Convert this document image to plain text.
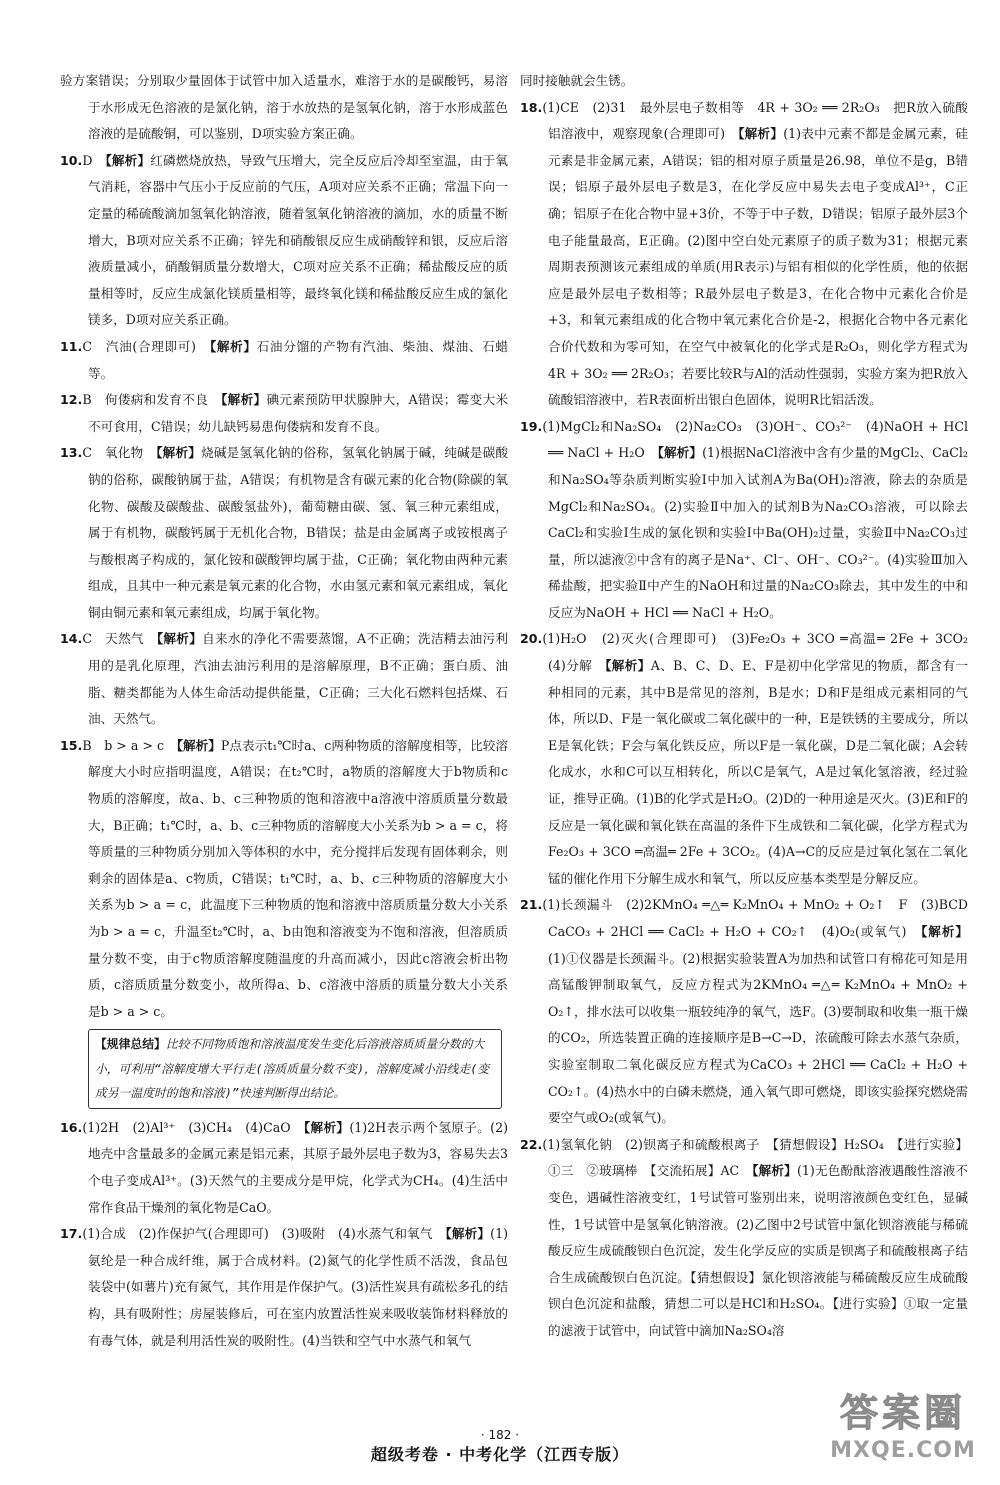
验方案错误；分别取少量固体于试管中加入适量水，难溶于水的是碳酸钙，易溶于水形成无色溶液的是氯化钠，溶于水放热的是氢氧化钠，溶于水形成蓝色溶液的是硫酸铜，可以鉴别，D项实验方案正确。

10.D　 【解析】红磷燃烧放热，导致气压增大，完全反应后冷却至室温，由于氧气消耗，容器中气压小于反应前的气压，A项对应关系不正确；常温下向一定量的稀硫酸滴加氢氧化钠溶液，随着氢氧化钠溶液的滴加，水的质量不断增大，B项对应关系不正确；锌先和硝酸银反应生成硝酸锌和银，反应后溶液质量减小，硝酸铜质量分数增大，C项对应关系不正确；稀盐酸反应的质量相等时，反应生成氯化镁质量相等，最终氧化镁和稀盐酸反应生成的氯化镁多，D项对应关系正确。
11.C　汽油(合理即可)　 【解析】石油分馏的产物有汽油、柴油、煤油、石蜡等。
12.B　佝偻病和发育不良　 【解析】碘元素预防甲状腺肿大，A错误；霉变大米不可食用，C错误；幼儿缺钙易患佝偻病和发育不良。
13.C　氧化物　 【解析】烧碱是氢氧化钠的俗称，氢氧化钠属于碱，纯碱是碳酸钠的俗称，碳酸钠属于盐，A错误；有机物是含有碳元素的化合物(除碳的氧化物、碳酸及碳酸盐、碳酸氢盐外)，葡萄糖由碳、氢、氧三种元素组成，属于有机物，碳酸钙属于无机化合物，B错误；盐是由金属离子或铵根离子与酸根离子构成的，氯化铵和碳酸钾均属于盐，C正确；氧化物由两种元素组成，且其中一种元素是氧元素的化合物，水由氢元素和氧元素组成，氧化铜由铜元素和氧元素组成，均属于氧化物。
14.C　天然气　 【解析】自来水的净化不需要蒸馏，A不正确；洗洁精去油污利用的是乳化原理，汽油去油污利用的是溶解原理，B不正确；蛋白质、油脂、糖类都能为人体生命活动提供能量，C正确；三大化石燃料包括煤、石油、天然气。
15.B　b > a > c　 【解析】P点表示t₁℃时a、c两种物质的溶解度相等，比较溶解度大小时应指明温度，A错误；在t₂℃时，a物质的溶解度大于b物质和c物质的溶解度，故a、b、c三种物质的饱和溶液中a溶液中溶质质量分数最大，B正确；t₁℃时，a、b、c三种物质的溶解度大小关系为b > a = c，将等质量的三种物质分别加入等体积的水中，充分搅拌后发现有固体剩余，则剩余的固体是a、c物质，C错误；t₁℃时，a、b、c三种物质的溶解度大小关系为b > a = c，此温度下三种物质的饱和溶液中溶质质量分数大小关系为b > a = c，升温至t₂℃时，a、b由饱和溶液变为不饱和溶液，但溶质质量分数不变，由于c物质溶解度随温度的升高而减小，因此c溶液会析出物质，c溶质质量分数变小，故所得a、b、c溶液中溶质的质量分数大小关系是b > a > c。
【规律总结】比较不同物质饱和溶液温度发生变化后溶液溶质质量分数的大小，可利用“溶解度增大平行走(溶质质量分数不变)，溶解度减小沿线走(变成另一温度时的饱和溶液)”快速判断得出结论。
16.(1)2H　(2)Al³⁺　(3)CH₄　(4)CaO　 【解析】(1)2H表示两个氢原子。(2)地壳中含量最多的金属元素是铝元素，其原子最外层电子数为3，容易失去3个电子变成Al³⁺。(3)天然气的主要成分是甲烷，化学式为CH₄。(4)生活中常作食品干燥剂的氧化物是CaO。
17.(1)合成　(2)作保护气(合理即可)　(3)吸附　(4)水蒸气和氧气　 【解析】(1)氨纶是一种合成纤维，属于合成材料。(2)氮气的化学性质不活泼，食品包装袋中(如薯片)充有氮气，其作用是作保护气。(3)活性炭具有疏松多孔的结构，具有吸附性；房屋装修后，可在室内放置活性炭来吸收装饰材料释放的有毒气体，就是利用活性炭的吸附性。(4)当铁和空气中水蒸气和氧气

同时接触就会生锈。

18.(1)CE　(2)31　最外层电子数相等　4R + 3O₂ ══ 2R₂O₃　把R放入硫酸铝溶液中，观察现象(合理即可)　 【解析】(1)表中元素不都是金属元素，硅元素是非金属元素，A错误；铝的相对原子质量是26.98，单位不是g，B错误；铝原子最外层电子数是3，在化学反应中易失去电子变成Al³⁺，C正确；铝原子在化合物中显+3价，不等于中子数，D错误；铝原子最外层3个电子能量最高，E正确。(2)图中空白处元素原子的质子数为31；根据元素周期表预测该元素组成的单质(用R表示)与铝有相似的化学性质，他的依据应是最外层电子数相等；R最外层电子数是3，在化合物中元素化合价是+3，和氧元素组成的化合物中氧元素化合价是-2，根据化合物中各元素化合价代数和为零可知，在空气中被氧化的化学式是R₂O₃，则化学方程式为4R + 3O₂ ══ 2R₂O₃；若要比较R与Al的活动性强弱，实验方案为把R放入硫酸铝溶液中，若R表面析出银白色固体，说明R比铝活泼。
19.(1)MgCl₂和Na₂SO₄　(2)Na₂CO₃　(3)OH⁻、CO₃²⁻　(4)NaOH + HCl ══ NaCl + H₂O　 【解析】(1)根据NaCl溶液中含有少量的MgCl₂、CaCl₂和Na₂SO₄等杂质判断实验Ⅰ中加入试剂A为Ba(OH)₂溶液，除去的杂质是MgCl₂和Na₂SO₄。(2)实验Ⅱ中加入的试剂B为Na₂CO₃溶液，可以除去CaCl₂和实验Ⅰ生成的氯化钡和实验Ⅰ中Ba(OH)₂过量，实验Ⅱ中Na₂CO₃过量，所以滤液②中含有的离子是Na⁺、Cl⁻、OH⁻、CO₃²⁻。(4)实验Ⅲ加入稀盐酸，把实验Ⅱ中产生的NaOH和过量的Na₂CO₃除去，其中发生的中和反应为NaOH + HCl ══ NaCl + H₂O。
20.(1)H₂O　(2)灭火(合理即可)　(3)Fe₂O₃ + 3CO ═高温═ 2Fe + 3CO₂　(4)分解　 【解析】A、B、C、D、E、F是初中化学常见的物质，都含有一种相同的元素，其中B是常见的溶剂，B是水；D和F是组成元素相同的气体，所以D、F是一氧化碳或二氧化碳中的一种，E是铁锈的主要成分，所以E是氧化铁；F会与氧化铁反应，所以F是一氧化碳，D是二氧化碳；A会转化成水，水和C可以互相转化，所以C是氧气，A是过氧化氢溶液，经过验证，推导正确。(1)B的化学式是H₂O。(2)D的一种用途是灭火。(3)E和F的反应是一氧化碳和氧化铁在高温的条件下生成铁和二氧化碳，化学方程式为Fe₂O₃ + 3CO ═高温═ 2Fe + 3CO₂。(4)A→C的反应是过氧化氢在二氧化锰的催化作用下分解生成水和氧气，所以反应基本类型是分解反应。
21.(1)长颈漏斗　(2)2KMnO₄ ═△═ K₂MnO₄ + MnO₂ + O₂↑　F　(3)BCD　CaCO₃ + 2HCl ══ CaCl₂ + H₂O + CO₂↑　(4)O₂(或氧气)　 【解析】(1)①仪器是长颈漏斗。(2)根据实验装置A为加热和试管口有棉花可知是用高锰酸钾制取氧气，反应方程式为2KMnO₄ ═△═ K₂MnO₄ + MnO₂ + O₂↑，排水法可以收集一瓶较纯净的氧气，选F。(3)要制取和收集一瓶干燥的CO₂，所选装置正确的连接顺序是B→C→D，浓硫酸可除去水蒸气杂质，实验室制取二氧化碳反应方程式为CaCO₃ + 2HCl ══ CaCl₂ + H₂O + CO₂↑。(4)热水中的白磷未燃烧，通入氧气即可燃烧，即该实验探究燃烧需要空气或O₂(或氧气)。
22.(1)氢氧化钠　(2)钡离子和硫酸根离子　【猜想假设】H₂SO₄　【进行实验】①三　②玻璃棒　【交流拓展】AC　 【解析】(1)无色酚酞溶液遇酸性溶液不变色，遇碱性溶液变红，1号试管可鉴别出来，说明溶液颜色变红色，显碱性，1号试管中是氢氧化钠溶液。(2)乙图中2号试管中氯化钡溶液能与稀硫酸反应生成硫酸钡白色沉淀，发生化学反应的实质是钡离子和硫酸根离子结合生成硫酸钡白色沉淀。【猜想假设】氯化钡溶液能与稀硫酸反应生成硫酸钡白色沉淀和盐酸，猜想二可以是HCl和H₂SO₄。【进行实验】①取一定量的滤液于试管中，向试管中滴加Na₂SO₄溶
· 182 ·
超级考卷 · 中考化学（江西专版）
答案圈
MXQE.COM
